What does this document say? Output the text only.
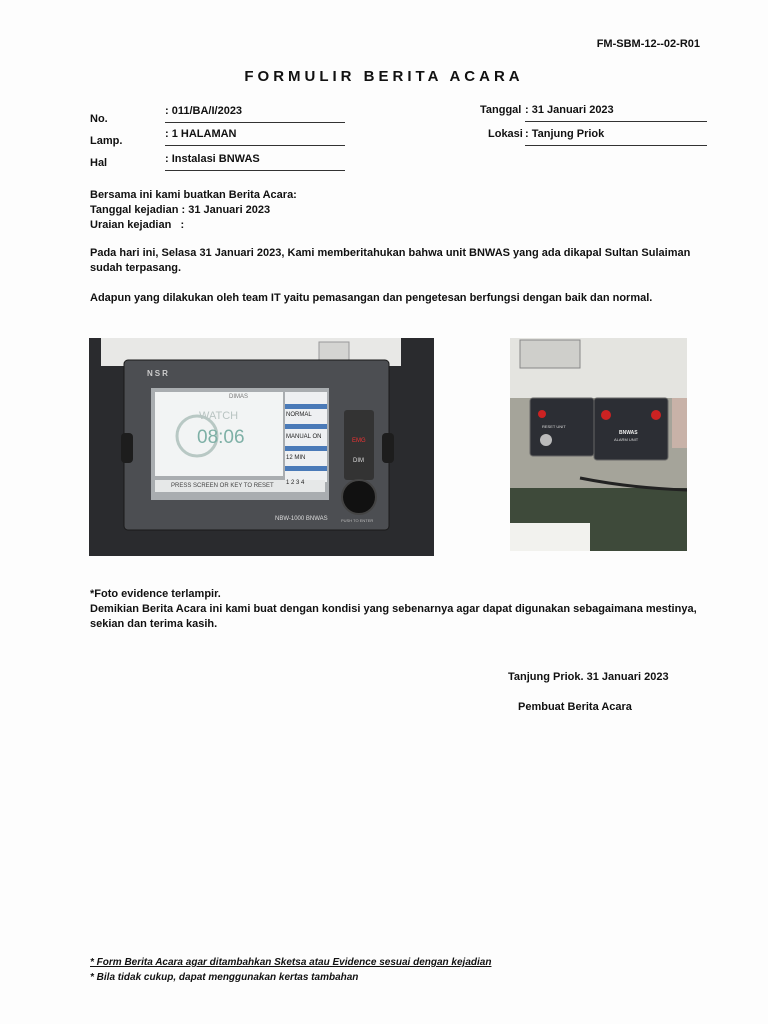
FM-SBM-12--02-R01
FORMULIR BERITA ACARA
No.
: 011/BA/I/2023
Lamp.
: 1 HALAMAN
Hal	: Instalasi BNWAS
Tanggal : 31 Januari 2023
Lokasi : Tanjung Priok
Bersama ini kami buatkan Berita Acara:
Tanggal kejadian : 31 Januari 2023
Uraian kejadian   :
Pada hari ini, Selasa 31 Januari 2023, Kami memberitahukan bahwa unit BNWAS yang ada dikapal Sultan Sulaiman sudah terpasang.
Adapun yang dilakukan oleh team IT yaitu pemasangan dan pengetesan berfungsi dengan baik dan normal.
NSR
DIMAS
WATCH
08:06
NORMAL
MANUAL ON
12 MIN
1 2 3 4
PRESS SCREEN OR KEY TO RESET
EMG
DIM
NBW-1000 BNWAS	PUSH TO ENTER
RESET UNIT
BNWAS
ALARM UNIT
*Foto evidence terlampir.
Demikian Berita Acara ini kami buat dengan kondisi yang sebenarnya agar dapat digunakan sebagaimana mestinya,
sekian dan terima kasih.
Tanjung Priok. 31 Januari 2023
Pembuat Berita Acara
* Form Berita Acara agar ditambahkan Sketsa atau Evidence sesuai dengan kejadian
* Bila tidak cukup, dapat menggunakan kertas tambahan
